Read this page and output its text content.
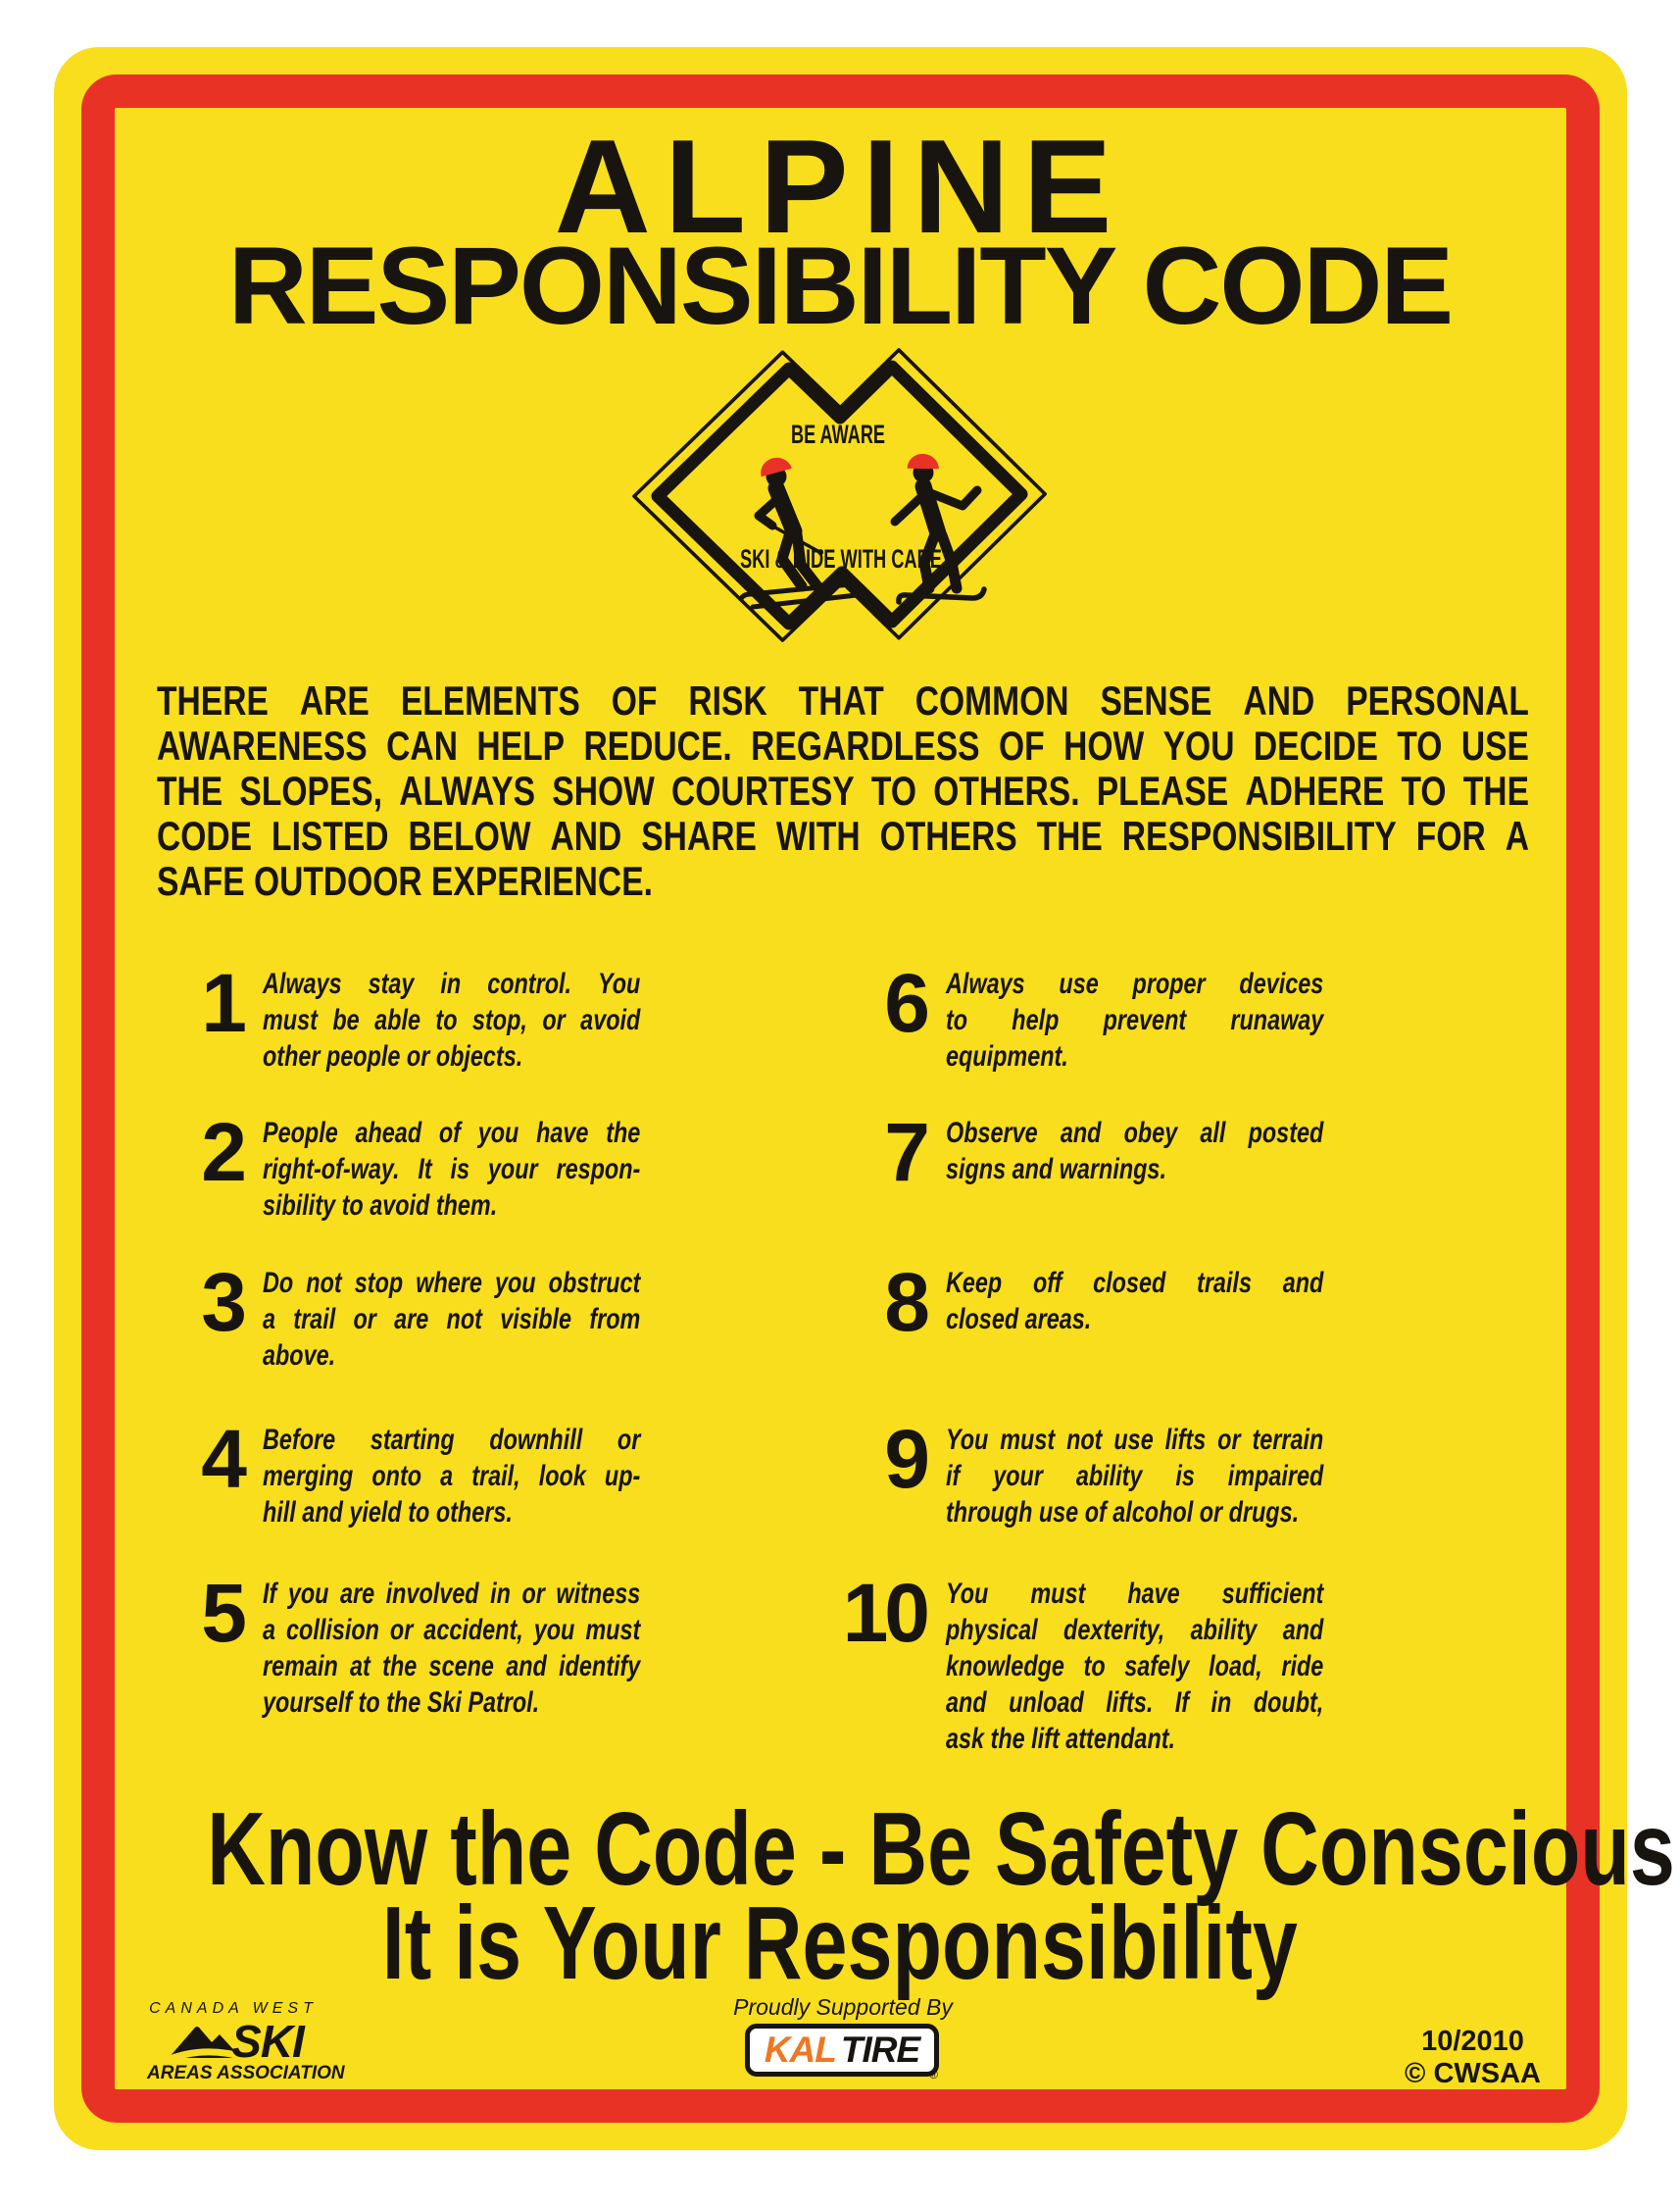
ALPINE
RESPONSIBILITY CODE
BE AWARE
SKI & RIDE WITH CARE
THERE ARE ELEMENTS OF RISK THAT COMMON SENSE AND PERSONAL
AWARENESS CAN HELP REDUCE. REGARDLESS OF HOW YOU DECIDE TO USE
THE SLOPES, ALWAYS SHOW COURTESY TO OTHERS. PLEASE ADHERE TO THE
CODE LISTED BELOW AND SHARE WITH OTHERS THE RESPONSIBILITY FOR A
SAFE OUTDOOR EXPERIENCE.
1 Always stay in control. You
must be able to stop, or avoid
other people or objects.
2 People ahead of you have the
right-of-way. It is your respon-
sibility to avoid them.
3 Do not stop where you obstruct
a trail or are not visible from
above.
4 Before starting downhill or
merging onto a trail, look up-
hill and yield to others.
5 If you are involved in or witness
a collision or accident, you must
remain at the scene and identify
yourself to the Ski Patrol.
6 Always use proper devices
to help prevent runaway
equipment.
7 Observe and obey all posted
signs and warnings.
8 Keep off closed trails and
closed areas.
9 You must not use lifts or terrain
if your ability is impaired
through use of alcohol or drugs.
10 You must have sufficient
physical dexterity, ability and
knowledge to safely load, ride
and unload lifts. If in doubt,
ask the lift attendant.
Know the Code - Be Safety Conscious
It is Your Responsibility
CANADA WEST
SKI
AREAS ASSOCIATION
Proudly Supported By
KAL TIRE
®
10/2010
© CWSAA
